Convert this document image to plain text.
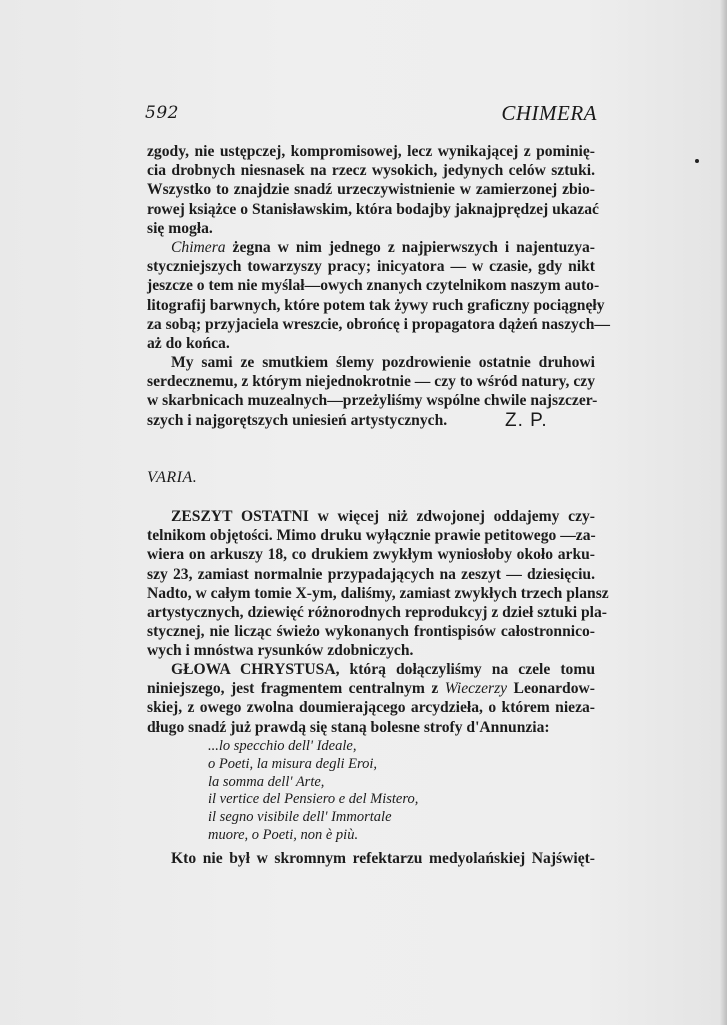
592	CHIMERA
zgody, nie ustępczej, kompromisowej, lecz wynikającej z pominię-
cia drobnych niesnasek na rzecz wysokich, jedynych celów sztuki.
Wszystko to znajdzie snadź urzeczywistnienie w zamierzonej zbio-
rowej książce o Stanisławskim, która bodajby jaknajprędzej ukazać
się mogła.
Chimera żegna w nim jednego z najpierwszych i najentuzya-
styczniejszych towarzyszy pracy; inicyatora — w czasie, gdy nikt
jeszcze o tem nie myślał—owych znanych czytelnikom naszym auto-
litografij barwnych, które potem tak żywy ruch graficzny pociągnęły
za sobą; przyjaciela wreszcie, obrońcę i propagatora dążeń naszych—
aż do końca.
My sami ze smutkiem ślemy pozdrowienie ostatnie druhowi
serdecznemu, z którym niejednokrotnie — czy to wśród natury, czy
w skarbnicach muzealnych—przeżyliśmy wspólne chwile najszczer-
szych i najgorętszych uniesień artystycznych.	Z. P.
VARIA.
ZESZYT OSTATNI w więcej niż zdwojonej oddajemy czy-
telnikom objętości. Mimo druku wyłącznie prawie petitowego —za-
wiera on arkuszy 18, co drukiem zwykłym wyniosłoby około arku-
szy 23, zamiast normalnie przypadających na zeszyt — dziesięciu.
Nadto, w całym tomie X-ym, daliśmy, zamiast zwykłych trzech plansz
artystycznych, dziewięć różnorodnych reprodukcyj z dzieł sztuki pla-
stycznej, nie licząc świeżo wykonanych frontispisów całostronnico-
wych i mnóstwa rysunków zdobniczych.
GŁOWA CHRYSTUSA, którą dołączyliśmy na czele tomu
niniejszego, jest fragmentem centralnym z Wieczerzy Leonardow-
skiej, z owego zwolna doumierającego arcydzieła, o którem nieza-
długo snadź już prawdą się staną bolesne strofy d'Annunzia:
...lo specchio dell' Ideale,
o Poeti, la misura degli Eroi,
la somma dell' Arte,
il vertice del Pensiero e del Mistero,
il segno visibile dell' Immortale
muore, o Poeti, non è più.
Kto nie był w skromnym refektarzu medyolańskiej Najświęt-
